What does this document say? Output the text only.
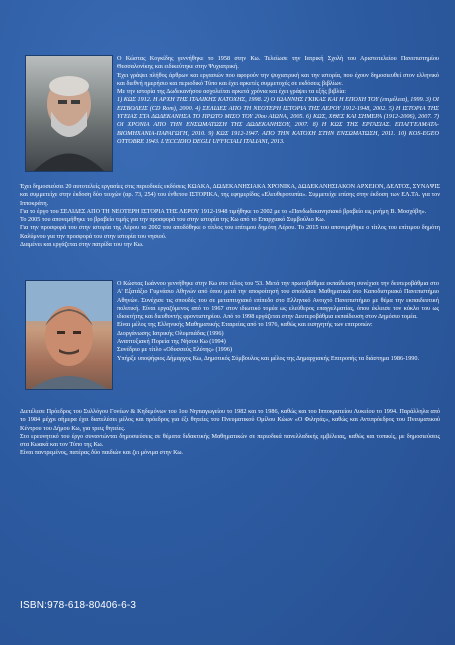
Ο Κώστας Κογκίδης γεννήθηκε το 1958 στην Κω. Τελείωσε την Ιατρική Σχολή του Αριστοτελείου Πανεπιστημίου Θεσσαλονίκης και ειδικεύτηκε στην Ψυχιατρική.

Έχει γράψει πλήθος άρθρων και εργασιών που αφορούν την ψυχιατρική και την ιστορία, που έχουν δημοσιευθεί στον ελληνικό και διεθνή ημερήσιο και περιοδικό Τύπο και έχει αρκετές συμμετοχές σε εκδόσεις βιβλίων.

Με την ιστορία της Δωδεκανήσου ασχολείται αρκετά χρόνια και έχει γράψει τα εξής βιβλία:

1) ΚΩΣ 1912. Η ΑΡΧΗ ΤΗΣ ΙΤΑΛΙΚΗΣ ΚΑΤΟΧΗΣ, 1998. 2) Ο ΙΩΑΝΝΗΣ ΓΚΙΚΑΣ ΚΑΙ Η ΕΠΟΧΗ ΤΟΥ (επιμέλεια), 1999. 3) ΟΙ ΕΙΣΒΟΛΕΙΣ (CD Rom), 2000. 4) ΣΕΛΙΔΕΣ ΑΠΟ ΤΗ ΝΕΟΤΕΡΗ ΙΣΤΟΡΙΑ ΤΗΣ ΛΕΡΟΥ 1912-1948, 2002. 5) Η ΙΣΤΟΡΙΑ ΤΗΣ ΥΓΕΙΑΣ ΣΤΑ ΔΩΔΕΚΑΝΗΣΑ ΤΟ ΠΡΩΤΟ ΜΙΣΟ ΤΟΥ 20ου ΑΙΩΝΑ, 2005. 6) ΚΩΣ, ΧΘΕΣ ΚΑΙ ΣΗΜΕΡΑ (1912-2006), 2007. 7) ΟΙ ΧΡΟΝΙΑ ΑΠΟ ΤΗΝ ΕΝΣΩΜΑΤΩΣΗ ΤΗΣ ΔΩΔΕΚΑΝΗΣΟΥ, 2007. 8) Η ΚΩΣ ΤΗΣ ΕΡΓΑΣΙΑΣ. ΕΠΑΓΓΕΛΜΑΤΑ-ΒΙΟΜΗΧΑΝΙΑ-ΠΑΡΑΓΩΓΗ, 2010. 9) ΚΩΣ 1912-1947. ΑΠΟ ΤΗΝ ΚΑΤΟΧΗ ΣΤΗΝ ΕΝΣΩΜΑΤΩΣΗ, 2011. 10) KOS-EGEO OTTOBRE 1943. L'ECCIDIO DEGLI UFFICIALI ITALIANI, 2013.

Έχει δημοσιεύσει 20 αυτοτελείς εργασίες στις περιοδικές εκδόσεις ΚΩΑΚΑ, ΔΩΔΕΚΑΝΗΣΙΑΚΑ ΧΡΟΝΙΚΑ, ΔΩΔΕΚΑΝΗΣΙΑΚΟΝ ΑΡΧΕΙΟΝ, ΔΕΛΤΟΣ, ΣΥΝΑΨΙΣ και συμμετείχε στην έκδοση δύο τευχών (αρ. 73, 254) του ένθετου ΙΣΤΟΡΙΚΑ, της εφημερίδας «Ελευθεροτυπία». Συμμετείχε επίσης στην έκδοση των ΕΛ.ΤΑ. για τον Ιπποκράτη.

Για το έργο του ΣΕΛΙΔΕΣ ΑΠΟ ΤΗ ΝΕΟΤΕΡΗ ΙΣΤΟΡΙΑ ΤΗΣ ΛΕΡΟΥ 1912-1948 τιμήθηκε το 2002 με το «Πανδωδεκανησιακό βραβείο εις μνήμη Β. Μοσχόβη».

Το 2005 του απονεμήθηκε το βραβείο τιμής για την προσφορά του στην ιστορία της Κω από το Επαρχιακό Συμβούλιο Κω.

Για την προσφορά του στην ιστορία της Λέρου το 2002 του αποδόθηκε ο τίτλος του επίτιμου δημότη Λέρου. Το 2015 του απονεμήθηκε ο τίτλος του επίτιμου δημότη Καλύμνου για την προσφορά του στην ιστορία του νησιού.

Διαμένει και εργάζεται στην πατρίδα του την Κω.

Ο Κώστας Ιωάννου γεννήθηκε στην Κω στο τέλος του '53. Μετά την πρωτοβάθμια εκπαίδευση συνέχισε την δευτεροβάθμια στο Α' Εξατάξιο Γυμνάσιο Αθηνών από όπου μετά την αποφοίτησή του σπούδασε Μαθηματικά στο Καποδιστριακό Πανεπιστήμιο Αθηνών. Συνέχισε τις σπουδές του σε μεταπτυχιακό επίπεδο στο Ελληνικό Ανοιχτό Πανεπιστήμιο με θέμα την εκπαιδευτική πολιτική. Είναι εργαζόμενος από το 1967 στον ιδιωτικό τομέα ως ελεύθερος επαγγελματίας, όπου έκλεισε τον κύκλο του ως ιδιοκτήτης και διευθυντής φροντιστηρίου. Από το 1998 εργάζεται στην Δευτεροβάθμια εκπαίδευση στον Δημόσιο τομέα.

Είναι μέλος της Ελληνικής Μαθηματικής Εταιρείας από το 1976, καθώς και εισηγητής των επιτροπών:

Διοργάνωσης Ιατρικής Ολυμπιάδας (1996)

Αναπτυξιακή Πορεία της Νήσου Κω (1994)

Συνέδριο με τίτλο «Οδυσσεύς Ελύτης» (1996)

Υπήρξε υποψήφιος Δήμαρχος Κω, Δημοτικός Σύμβουλος και μέλος της Δημαρχιακής Επιτροπής τα διάστημα 1986-1990.

Διετέλεσε Πρόεδρος του Συλλόγου Γονέων & Κηδεμόνων του 1ου Νηπιαγωγείου το 1982 και το 1986, καθώς και του Ιπποκρατείου Λυκείου το 1994. Παράλληλα από το 1984 μέχρι σήμερα έχει διατελέσει μέλος και πρόεδρος για έξι θητείες του Πνευματικού Ομίλου Κώων «Ο Φιλητάς», καθώς και Αντιπρόεδρος του Πνευματικού Κέντρου του Δήμου Κω, για τρεις θητείες.

Στο ερευνητικό του έργο συναντώνται δημοσιεύσεις σε θέματα διδακτικής Μαθηματικών σε περιοδικά πανελλαδικής εμβέλειας, καθώς και τοπικές, με δημοσιεύσεις στα Κωακά και τον Τύπο της Κω.

Είναι παντρεμένος, πατέρας δύο παιδιών και ζει μόνιμα στην Κω.

ISBN:978-618-80406-6-3
